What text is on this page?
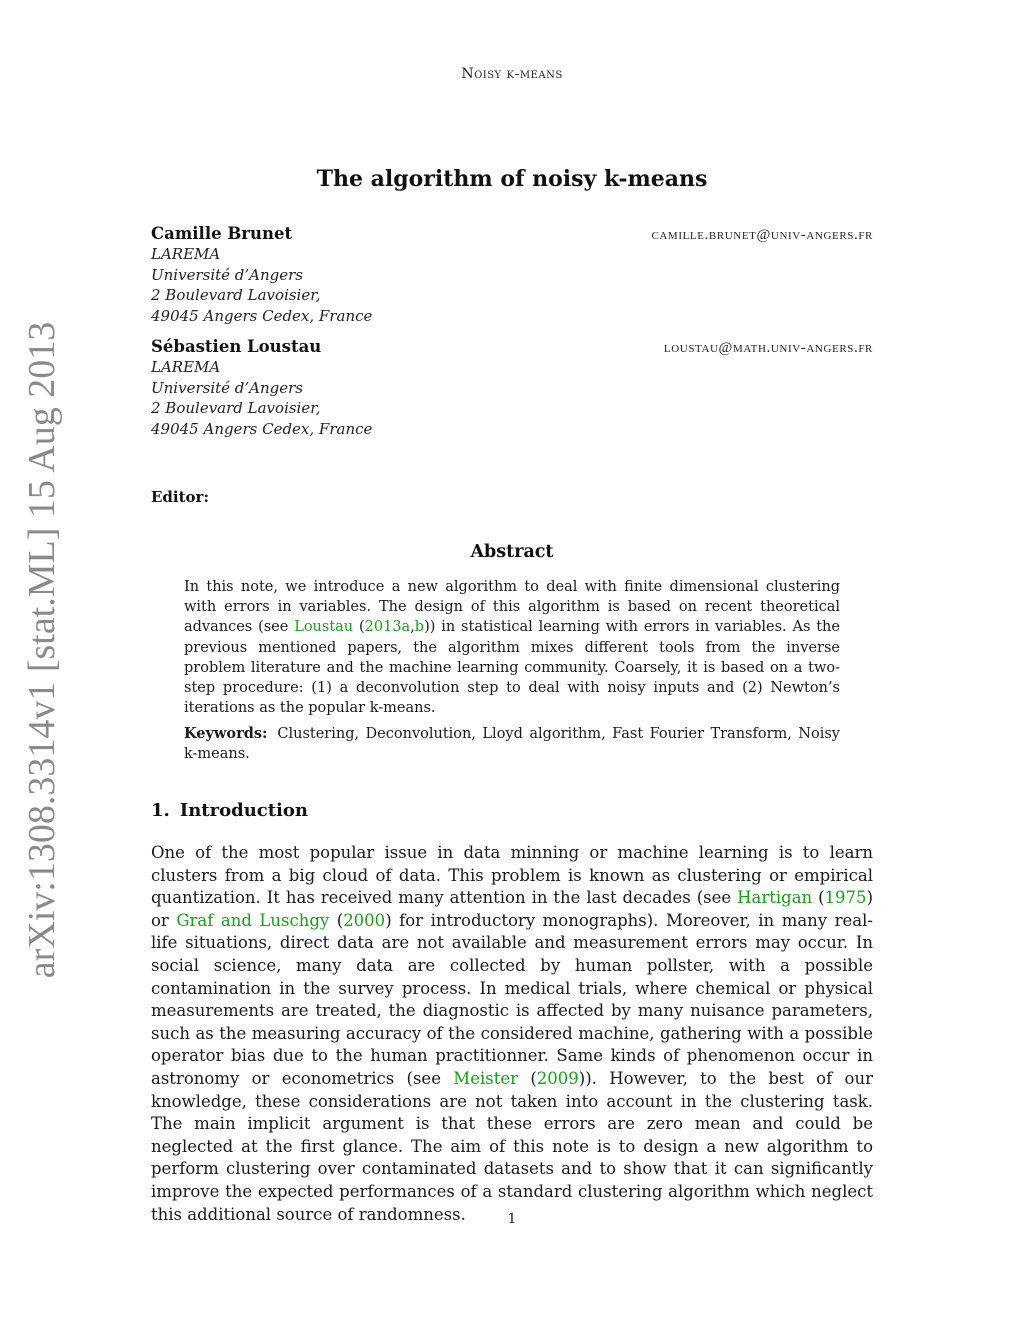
Noisy k-means
The algorithm of noisy k-means
Camille Brunet	camille.brunet@univ-angers.fr
LAREMA
Université d’Angers
2 Boulevard Lavoisier,
49045 Angers Cedex, France
Sébastien Loustau	loustau@math.univ-angers.fr
LAREMA
Université d’Angers
2 Boulevard Lavoisier,
49045 Angers Cedex, France
Editor:
Abstract
In this note, we introduce a new algorithm to deal with finite dimensional clustering with errors in variables. The design of this algorithm is based on recent theoretical advances (see Loustau (2013a,b)) in statistical learning with errors in variables. As the previous mentioned papers, the algorithm mixes different tools from the inverse problem literature and the machine learning community. Coarsely, it is based on a two-step procedure: (1) a deconvolution step to deal with noisy inputs and (2) Newton’s iterations as the popular k-means.
Keywords: Clustering, Deconvolution, Lloyd algorithm, Fast Fourier Transform, Noisy k-means.
1. Introduction
One of the most popular issue in data minning or machine learning is to learn clusters from a big cloud of data. This problem is known as clustering or empirical quantization. It has received many attention in the last decades (see Hartigan (1975) or Graf and Luschgy (2000) for introductory monographs). Moreover, in many real-life situations, direct data are not available and measurement errors may occur. In social science, many data are collected by human pollster, with a possible contamination in the survey process. In medical trials, where chemical or physical measurements are treated, the diagnostic is affected by many nuisance parameters, such as the measuring accuracy of the considered machine, gathering with a possible operator bias due to the human practitionner. Same kinds of phenomenon occur in astronomy or econometrics (see Meister (2009)). However, to the best of our knowledge, these considerations are not taken into account in the clustering task. The main implicit argument is that these errors are zero mean and could be neglected at the first glance. The aim of this note is to design a new algorithm to perform clustering over contaminated datasets and to show that it can significantly improve the expected performances of a standard clustering algorithm which neglect this additional source of randomness.	1
arXiv:1308.3314v1 [stat.ML] 15 Aug 2013
